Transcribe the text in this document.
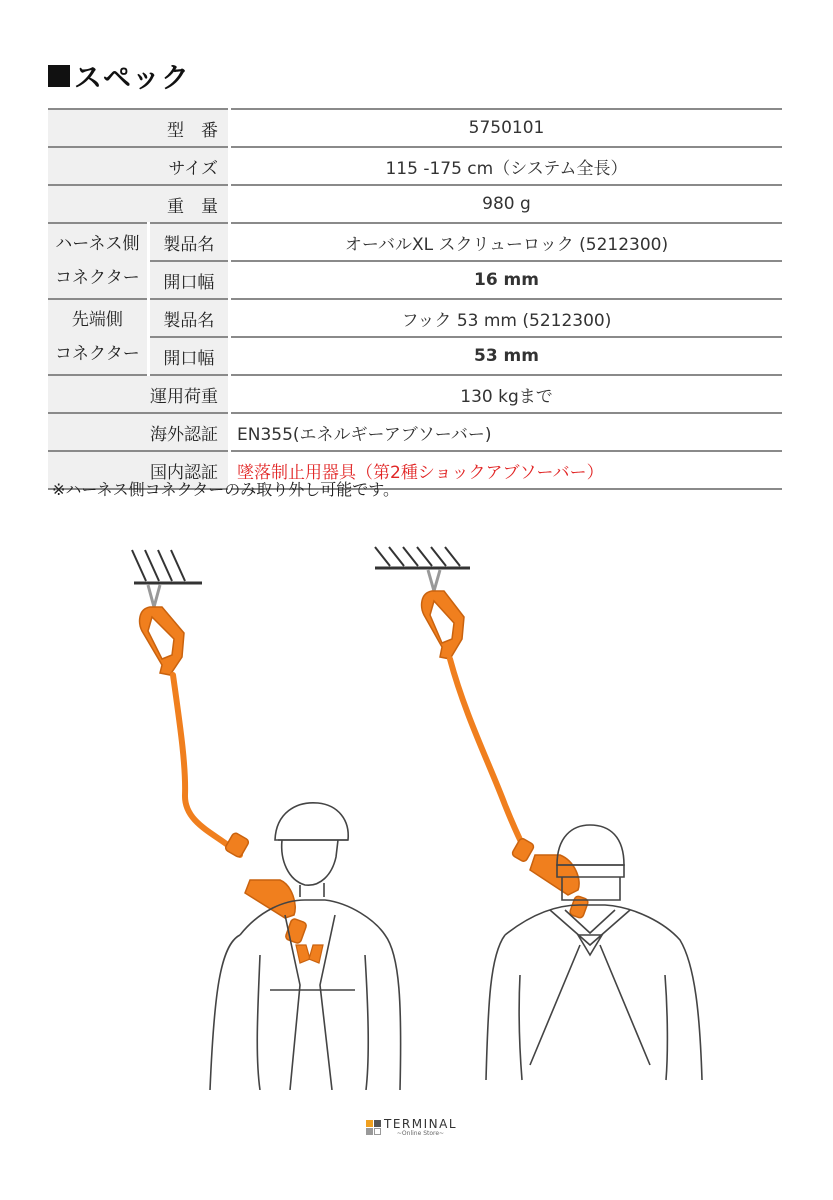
スペック
型　番		5750101
サイズ		115 -175 cm（システム全長）
重　量		980 g

ハーネス側
コネクター	製品名	オーバルXL スクリューロック (5212300)
	開口幅	16 mm

先端側
コネクター	製品名	フック 53 mm (5212300)
	開口幅	53 mm
運用荷重		130 kgまで
海外認証		EN355(エネルギーアブソーバー)
国内認証		墜落制止用器具（第2種ショックアブソーバー）
※ハーネス側コネクターのみ取り外し可能です。
TERMINAL
~Online Store~
